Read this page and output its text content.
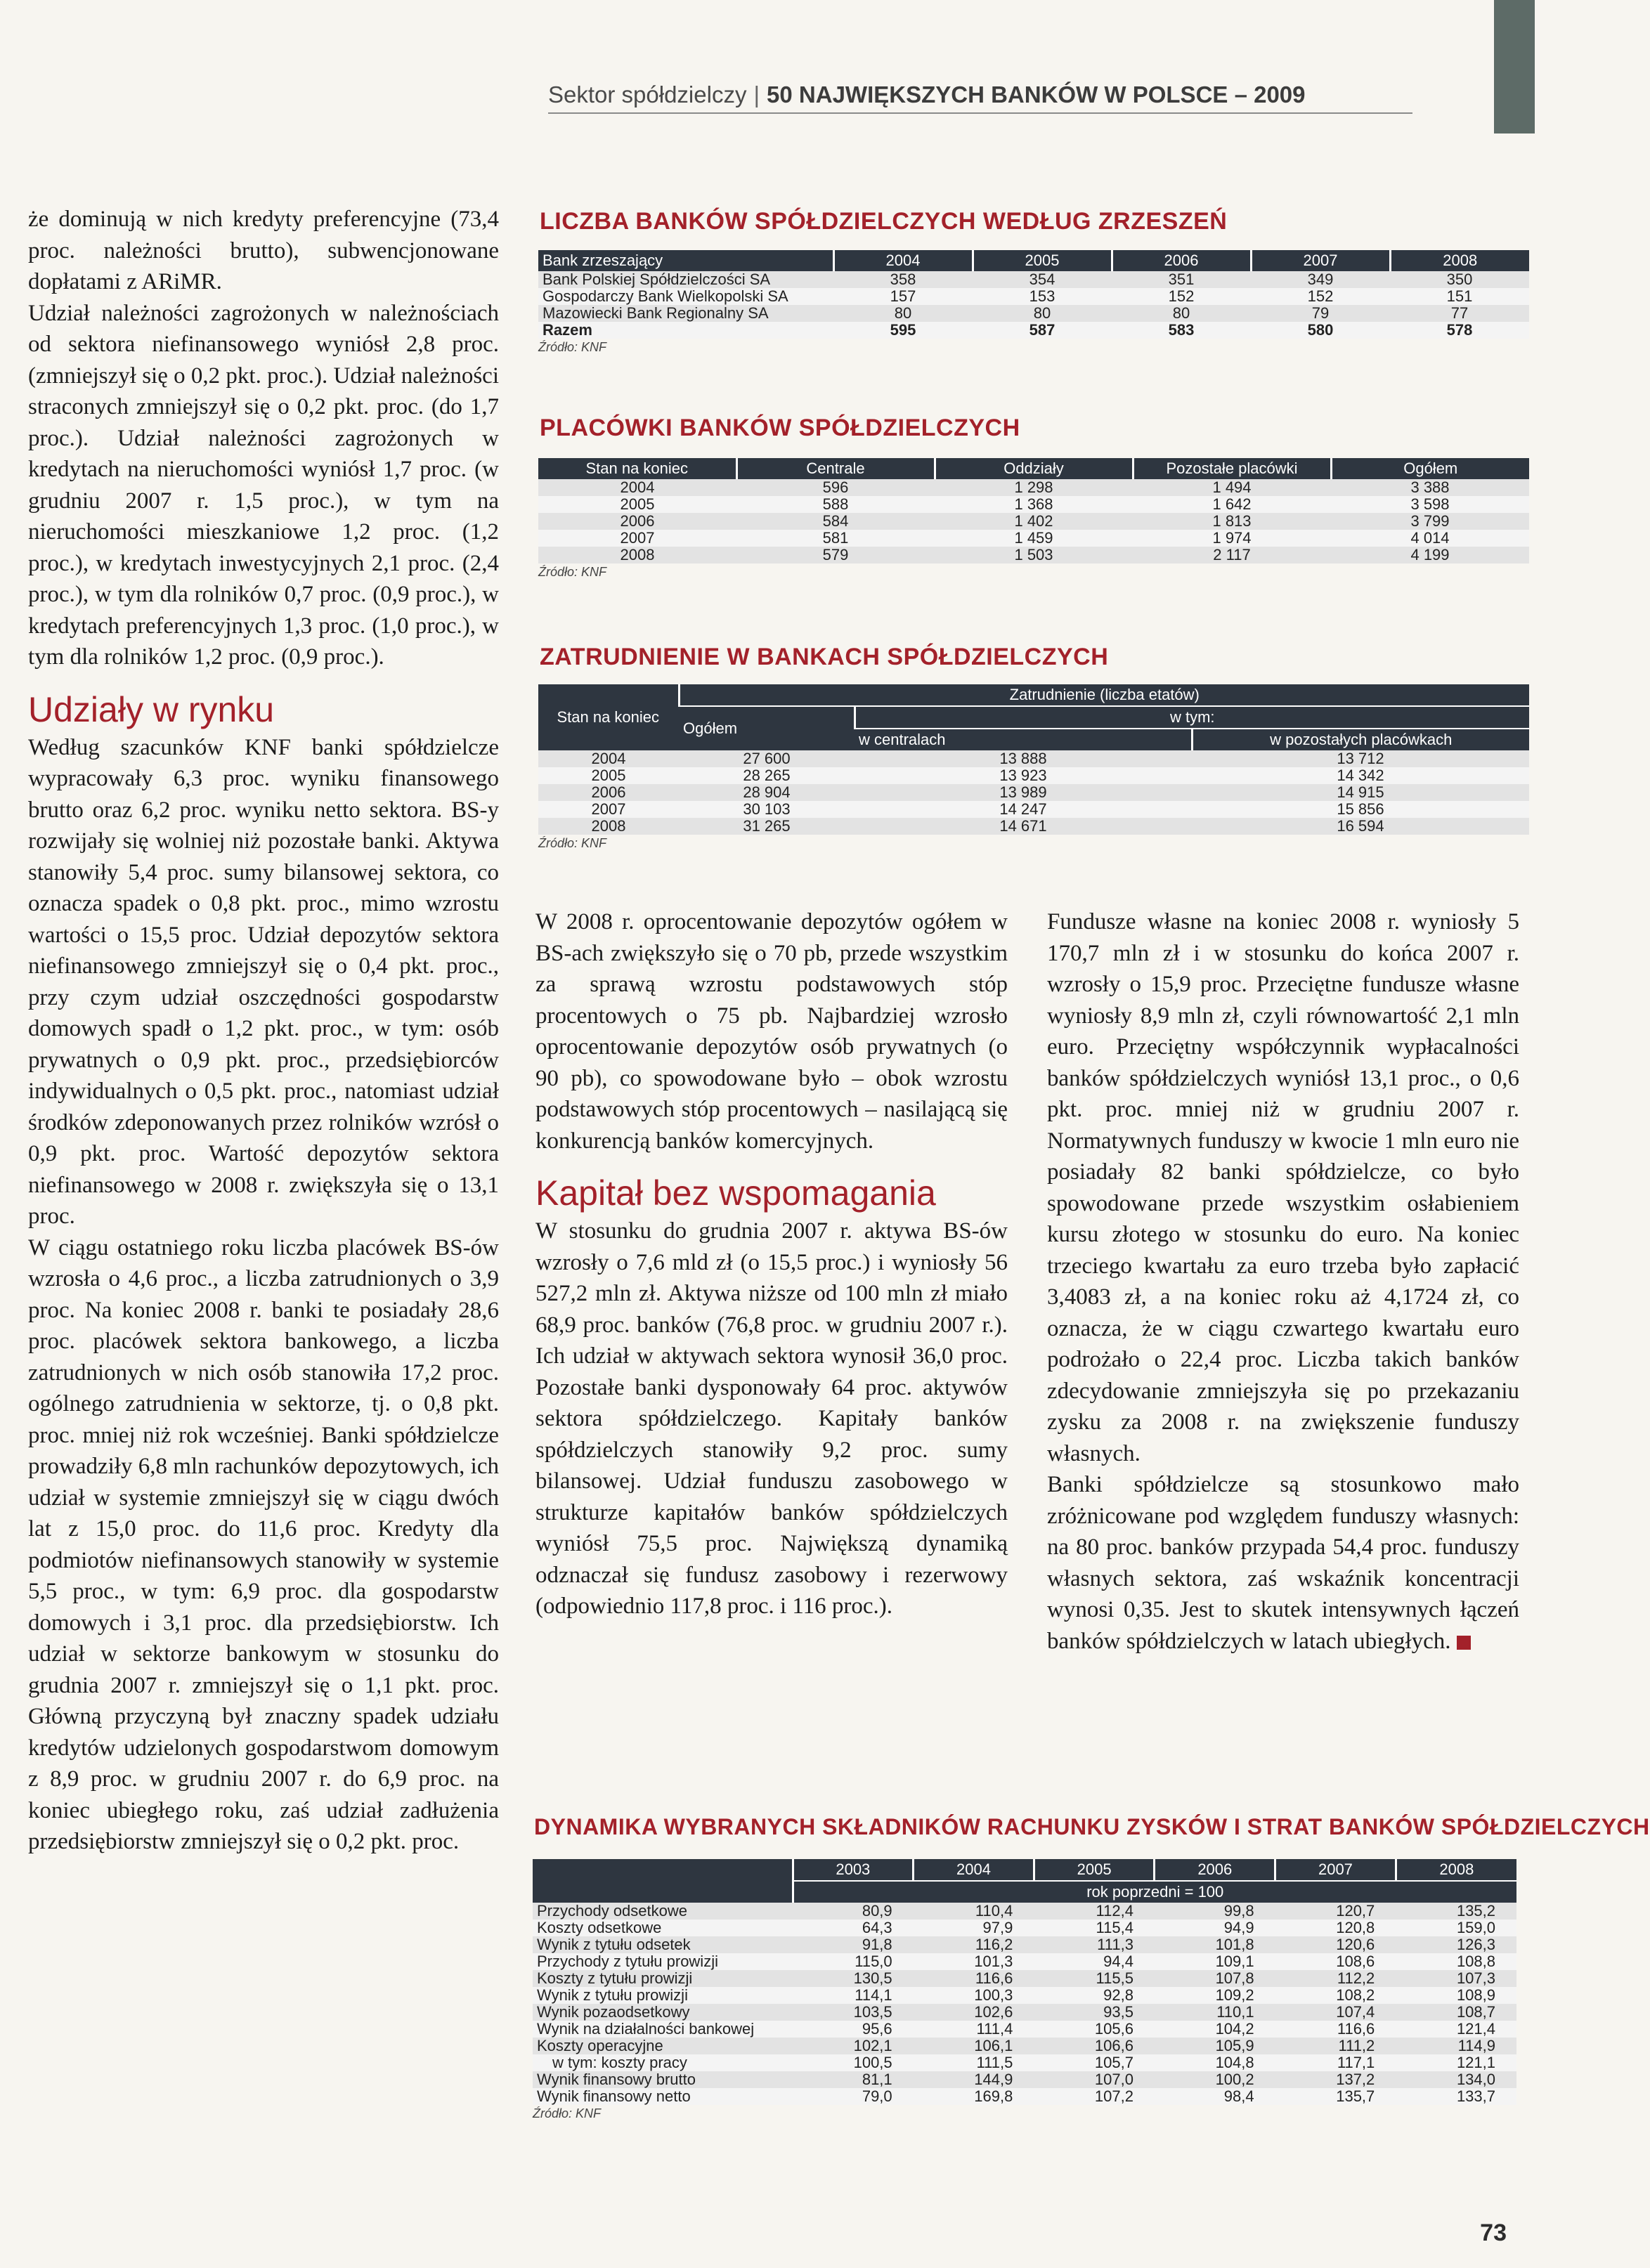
Sektor spółdzielczy | 50 NAJWIĘKSZYCH BANKÓW W POLSCE – 2009

że dominują w nich kredyty preferencyjne (73,4 proc. należności brutto), subwencjonowane dopłatami z ARiMR.

Udział należności zagrożonych w należnościach od sektora niefinansowego wyniósł 2,8 proc. (zmniejszył się o 0,2 pkt. proc.). Udział należności straconych zmniejszył się o 0,2 pkt. proc. (do 1,7 proc.). Udział należności zagrożonych w kredytach na nieruchomości wyniósł 1,7 proc. (w grudniu 2007 r. 1,5 proc.), w tym na nieruchomości mieszkaniowe 1,2 proc. (1,2 proc.), w kredytach inwestycyjnych 2,1 proc. (2,4 proc.), w tym dla rolników 0,7 proc. (0,9 proc.), w kredytach preferencyjnych 1,3 proc. (1,0 proc.), w tym dla rolników 1,2 proc. (0,9 proc.).

Udziały w rynku

Według szacunków KNF banki spółdzielcze wypracowały 6,3 proc. wyniku finansowego brutto oraz 6,2 proc. wyniku netto sektora. BS-y rozwijały się wolniej niż pozostałe banki. Aktywa stanowiły 5,4 proc. sumy bilansowej sektora, co oznacza spadek o 0,8 pkt. proc., mimo wzrostu wartości o 15,5 proc. Udział depozytów sektora niefinansowego zmniejszył się o 0,4 pkt. proc., przy czym udział oszczędności gospodarstw domowych spadł o 1,2 pkt. proc., w tym: osób prywatnych o 0,9 pkt. proc., przedsiębiorców indywidualnych o 0,5 pkt. proc., natomiast udział środków zdeponowanych przez rolników wzrósł o 0,9 pkt. proc. Wartość depozytów sektora niefinansowego w 2008 r. zwiększyła się o 13,1 proc.

W ciągu ostatniego roku liczba placówek BS-ów wzrosła o 4,6 proc., a liczba zatrudnionych o 3,9 proc. Na koniec 2008 r. banki te posiadały 28,6 proc. placówek sektora bankowego, a liczba zatrudnionych w nich osób stanowiła 17,2 proc. ogólnego zatrudnienia w sektorze, tj. o 0,8 pkt. proc. mniej niż rok wcześniej. Banki spółdzielcze prowadziły 6,8 mln rachunków depozytowych, ich udział w systemie zmniejszył się w ciągu dwóch lat z 15,0 proc. do 11,6 proc. Kredyty dla podmiotów niefinansowych stanowiły w systemie 5,5 proc., w tym: 6,9 proc. dla gospodarstw domowych i 3,1 proc. dla przedsiębiorstw. Ich udział w sektorze bankowym w stosunku do grudnia 2007 r. zmniejszył się o 1,1 pkt. proc. Główną przyczyną był znaczny spadek udziału kredytów udzielonych gospodarstwom domowym z 8,9 proc. w grudniu 2007 r. do 6,9 proc. na koniec ubiegłego roku, zaś udział zadłużenia przedsiębiorstw zmniejszył się o 0,2 pkt. proc.

LICZBA BANKÓW SPÓŁDZIELCZYCH WEDŁUG ZRZESZEŃ
Bank zrzeszający	2004	2005	2006	2007	2008
Bank Polskiej Spółdzielczości SA	358	354	351	349	350
Gospodarczy Bank Wielkopolski SA	157	153	152	152	151
Mazowiecki Bank Regionalny SA	80	80	80	79	77
Razem	595	587	583	580	578
Źródło: KNF
PLACÓWKI BANKÓW SPÓŁDZIELCZYCH
Stan na koniec	Centrale	Oddziały	Pozostałe placówki	Ogółem
2004	596	1 298	1 494	3 388
2005	588	1 368	1 642	3 598
2006	584	1 402	1 813	3 799
2007	581	1 459	1 974	4 014
2008	579	1 503	2 117	4 199
Źródło: KNF
ZATRUDNIENIE W BANKACH SPÓŁDZIELCZYCH
Stan na koniec	Zatrudnienie (liczba etatów)		
	Ogółem	w tym:	
		w centralach	w pozostałych placówkach
2004	27 600	13 888	13 712
2005	28 265	13 923	14 342
2006	28 904	13 989	14 915
2007	30 103	14 247	15 856
2008	31 265	14 671	16 594
Źródło: KNF

W 2008 r. oprocentowanie depozytów ogółem w BS-ach zwiększyło się o 70 pb, przede wszystkim za sprawą wzrostu podstawowych stóp procentowych o 75 pb. Najbardziej wzrosło oprocentowanie depozytów osób prywatnych (o 90 pb), co spowodowane było – obok wzrostu podstawowych stóp procentowych – nasilającą się konkurencją banków komercyjnych.

Kapitał bez wspomagania

W stosunku do grudnia 2007 r. aktywa BS-ów wzrosły o 7,6 mld zł (o 15,5 proc.) i wyniosły 56 527,2 mln zł. Aktywa niższe od 100 mln zł miało 68,9 proc. banków (76,8 proc. w grudniu 2007 r.). Ich udział w aktywach sektora wynosił 36,0 proc. Pozostałe banki dysponowały 64 proc. aktywów sektora spółdzielczego. Kapitały banków spółdzielczych stanowiły 9,2 proc. sumy bilansowej. Udział funduszu zasobowego w strukturze kapitałów banków spółdzielczych wyniósł 75,5 proc. Największą dynamiką odznaczał się fundusz zasobowy i rezerwowy (odpowiednio 117,8 proc. i 116 proc.).

Fundusze własne na koniec 2008 r. wyniosły 5 170,7 mln zł i w stosunku do końca 2007 r. wzrosły o 15,9 proc. Przeciętne fundusze własne wyniosły 8,9 mln zł, czyli równowartość 2,1 mln euro. Przeciętny współczynnik wypłacalności banków spółdzielczych wyniósł 13,1 proc., o 0,6 pkt. proc. mniej niż w grudniu 2007 r. Normatywnych funduszy w kwocie 1 mln euro nie posiadały 82 banki spółdzielcze, co było spowodowane przede wszystkim osłabieniem kursu złotego w stosunku do euro. Na koniec trzeciego kwartału za euro trzeba było zapłacić 3,4083 zł, a na koniec roku aż 4,1724 zł, co oznacza, że w ciągu czwartego kwartału euro podrożało o 22,4 proc. Liczba takich banków zdecydowanie zmniejszyła się po przekazaniu zysku za 2008 r. na zwiększenie funduszy własnych.

Banki spółdzielcze są stosunkowo mało zróżnicowane pod względem funduszy własnych: na 80 proc. banków przypada 54,4 proc. funduszy własnych sektora, zaś wskaźnik koncentracji wynosi 0,35. Jest to skutek intensywnych łączeń banków spółdzielczych w latach ubiegłych.

DYNAMIKA WYBRANYCH SKŁADNIKÓW RACHUNKU ZYSKÓW I STRAT BANKÓW SPÓŁDZIELCZYCH
	2003	2004	2005	2006	2007	2008
	rok poprzedni = 100					
Przychody odsetkowe	80,9	110,4	112,4	99,8	120,7	135,2
Koszty odsetkowe	64,3	97,9	115,4	94,9	120,8	159,0
Wynik z tytułu odsetek	91,8	116,2	111,3	101,8	120,6	126,3
Przychody z tytułu prowizji	115,0	101,3	94,4	109,1	108,6	108,8
Koszty z tytułu prowizji	130,5	116,6	115,5	107,8	112,2	107,3
Wynik z tytułu prowizji	114,1	100,3	92,8	109,2	108,2	108,9
Wynik pozaodsetkowy	103,5	102,6	93,5	110,1	107,4	108,7
Wynik na działalności bankowej	95,6	111,4	105,6	104,2	116,6	121,4
Koszty operacyjne	102,1	106,1	106,6	105,9	111,2	114,9
w tym: koszty pracy	100,5	111,5	105,7	104,8	117,1	121,1
Wynik finansowy brutto	81,1	144,9	107,0	100,2	137,2	134,0
Wynik finansowy netto	79,0	169,8	107,2	98,4	135,7	133,7
Źródło: KNF
73
